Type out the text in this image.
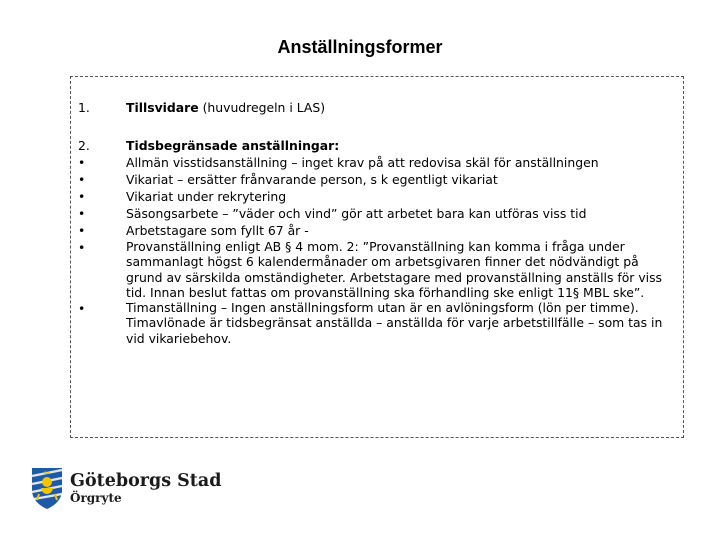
Anställningsformer
1.	Tillsvidare (huvudregeln i LAS)
2.	Tidsbegränsade anställningar:
•	Allmän visstidsanställning – inget krav på att redovisa skäl för anställningen
•	Vikariat – ersätter frånvarande person, s k egentligt vikariat
•	Vikariat under rekrytering
•	Säsongsarbete – ”väder och vind” gör att arbetet bara kan utföras viss tid
•	Arbetstagare som fyllt 67 år -
•	Provanställning enligt AB § 4 mom. 2: ”Provanställning kan komma i fråga under sammanlagt högst 6 kalendermånader om arbetsgivaren finner det nödvändigt på grund av särskilda omständigheter. Arbetstagare med provanställning anställs för viss tid. Innan beslut fattas om provanställning ska förhandling ske enligt 11§ MBL ske”.
•	Timanställning – Ingen anställningsform utan är en avlöningsform (lön per timme). Timavlönade är tidsbegränsat anställda – anställda för varje arbetstillfälle – som tas in vid vikariebehov.
Göteborgs Stad
Örgryte
